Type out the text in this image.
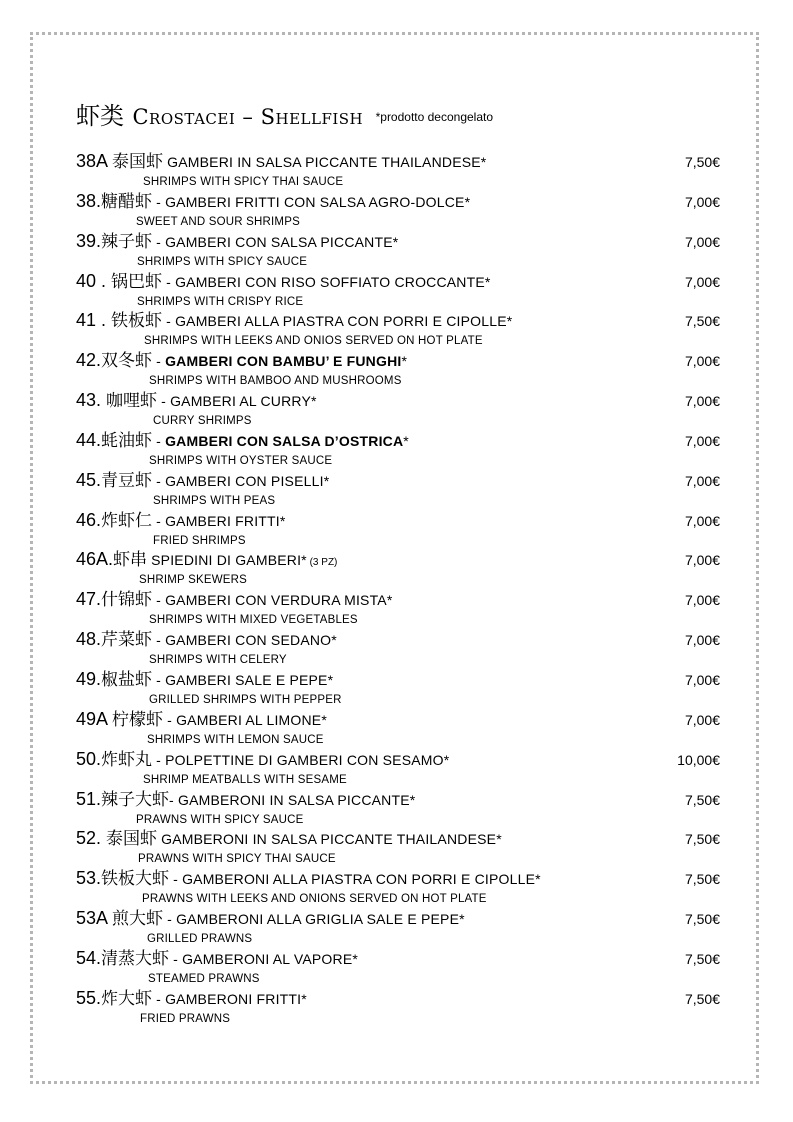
虾类 Crostacei – Shellfish *prodotto decongelato
38A 泰国虾 GAMBERI IN SALSA PICCANTE THAILANDESE*	7,50€
SHRIMPS WITH SPICY THAI SAUCE
38.糖醋虾 - GAMBERI FRITTI CON SALSA AGRO-DOLCE*	7,00€
SWEET AND SOUR SHRIMPS
39.辣子虾 - GAMBERI CON SALSA PICCANTE*	7,00€
SHRIMPS WITH SPICY SAUCE
40 . 锅巴虾 - GAMBERI CON RISO SOFFIATO CROCCANTE*	7,00€
SHRIMPS WITH CRISPY RICE
41 . 铁板虾 - GAMBERI ALLA PIASTRA CON PORRI E CIPOLLE*	7,50€
SHRIMPS WITH LEEKS AND ONIOS SERVED ON HOT PLATE
42.双冬虾 - GAMBERI CON BAMBU’ E FUNGHI*	7,00€
SHRIMPS WITH BAMBOO AND MUSHROOMS
43. 咖哩虾 - GAMBERI AL CURRY*	7,00€
CURRY SHRIMPS
44.蚝油虾 - GAMBERI CON SALSA D’OSTRICA*	7,00€
SHRIMPS WITH OYSTER SAUCE
45.青豆虾 - GAMBERI CON PISELLI*	7,00€
SHRIMPS WITH PEAS
46.炸虾仁 - GAMBERI FRITTI*	7,00€
FRIED SHRIMPS
46A.虾串 SPIEDINI DI GAMBERI* (3 PZ)	7,00€
SHRIMP SKEWERS
47.什锦虾 - GAMBERI CON VERDURA MISTA*	7,00€
SHRIMPS WITH MIXED VEGETABLES
48.芹菜虾 - GAMBERI CON SEDANO*	7,00€
SHRIMPS WITH CELERY
49.椒盐虾 - GAMBERI SALE E PEPE*	7,00€
GRILLED SHRIMPS WITH PEPPER
49A 柠檬虾 - GAMBERI AL LIMONE*	7,00€
SHRIMPS WITH LEMON SAUCE
50.炸虾丸 - POLPETTINE DI GAMBERI CON SESAMO*	10,00€
SHRIMP MEATBALLS WITH SESAME
51.辣子大虾- GAMBERONI IN SALSA PICCANTE*	7,50€
PRAWNS WITH SPICY SAUCE
52. 泰国虾 GAMBERONI IN SALSA PICCANTE THAILANDESE*	7,50€
PRAWNS WITH SPICY THAI SAUCE
53.铁板大虾 - GAMBERONI ALLA PIASTRA CON PORRI E CIPOLLE*	7,50€
PRAWNS WITH LEEKS AND ONIONS SERVED ON HOT PLATE
53A 煎大虾 - GAMBERONI ALLA GRIGLIA SALE E PEPE*	7,50€
GRILLED PRAWNS
54.清蒸大虾 - GAMBERONI AL VAPORE*	7,50€
STEAMED PRAWNS
55.炸大虾 - GAMBERONI FRITTI*	7,50€
FRIED PRAWNS
